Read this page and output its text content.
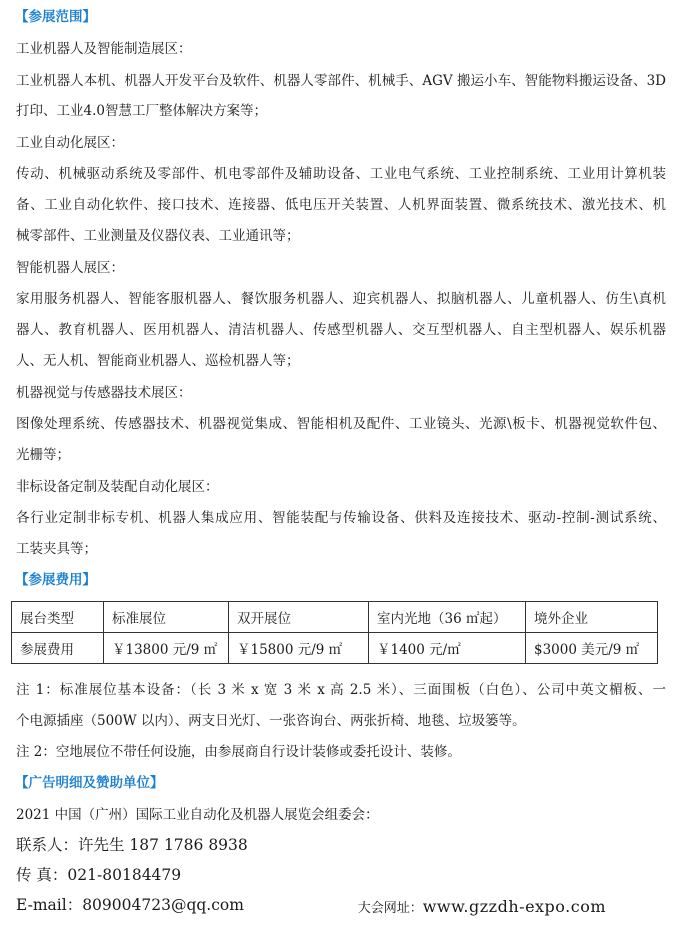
【参展范围】
工业机器人及智能制造展区：
工业机器人本机、机器人开发平台及软件、机器人零部件、机械手、AGV 搬运小车、智能物料搬运设备、3D
打印、工业4.0智慧工厂整体解决方案等；
工业自动化展区：
传动、机械驱动系统及零部件、机电零部件及辅助设备、工业电气系统、工业控制系统、工业用计算机装
备、工业自动化软件、接口技术、连接器、低电压开关装置、人机界面装置、微系统技术、激光技术、机
械零部件、工业测量及仪器仪表、工业通讯等；
智能机器人展区：
家用服务机器人、智能客服机器人、餐饮服务机器人、迎宾机器人、拟脑机器人、儿童机器人、仿生\真机
器人、教育机器人、医用机器人、清洁机器人、传感型机器人、交互型机器人、自主型机器人、娱乐机器
人、无人机、智能商业机器人、巡检机器人等；
机器视觉与传感器技术展区：
图像处理系统、传感器技术、机器视觉集成、智能相机及配件、工业镜头、光源\板卡、机器视觉软件包、
光栅等；
非标设备定制及装配自动化展区：
各行业定制非标专机、机器人集成应用、智能装配与传输设备、供料及连接技术、驱动-控制-测试系统、
工装夹具等；
【参展费用】
展台类型	标准展位	双开展位	室内光地（36 ㎡起）	境外企业
参展费用	￥13800 元/9 ㎡	￥15800 元/9 ㎡	￥1400 元/㎡	$3000 美元/9 ㎡
注 1：标准展位基本设备：（长 3 米 x 宽 3 米 x 高 2.5 米）、三面围板（白色）、公司中英文楣板、一
个电源插座（500W 以内）、两支日光灯、一张咨询台、两张折椅、地毯、垃圾篓等。
注 2：空地展位不带任何设施，由参展商自行设计装修或委托设计、装修。
【广告明细及赞助单位】
2021 中国（广州）国际工业自动化及机器人展览会组委会：
联系人：许先生 187 1786 8938
传 真：021-80184479
E-mail：809004723@qq.com	大会网址：www.gzzdh-expo.com
